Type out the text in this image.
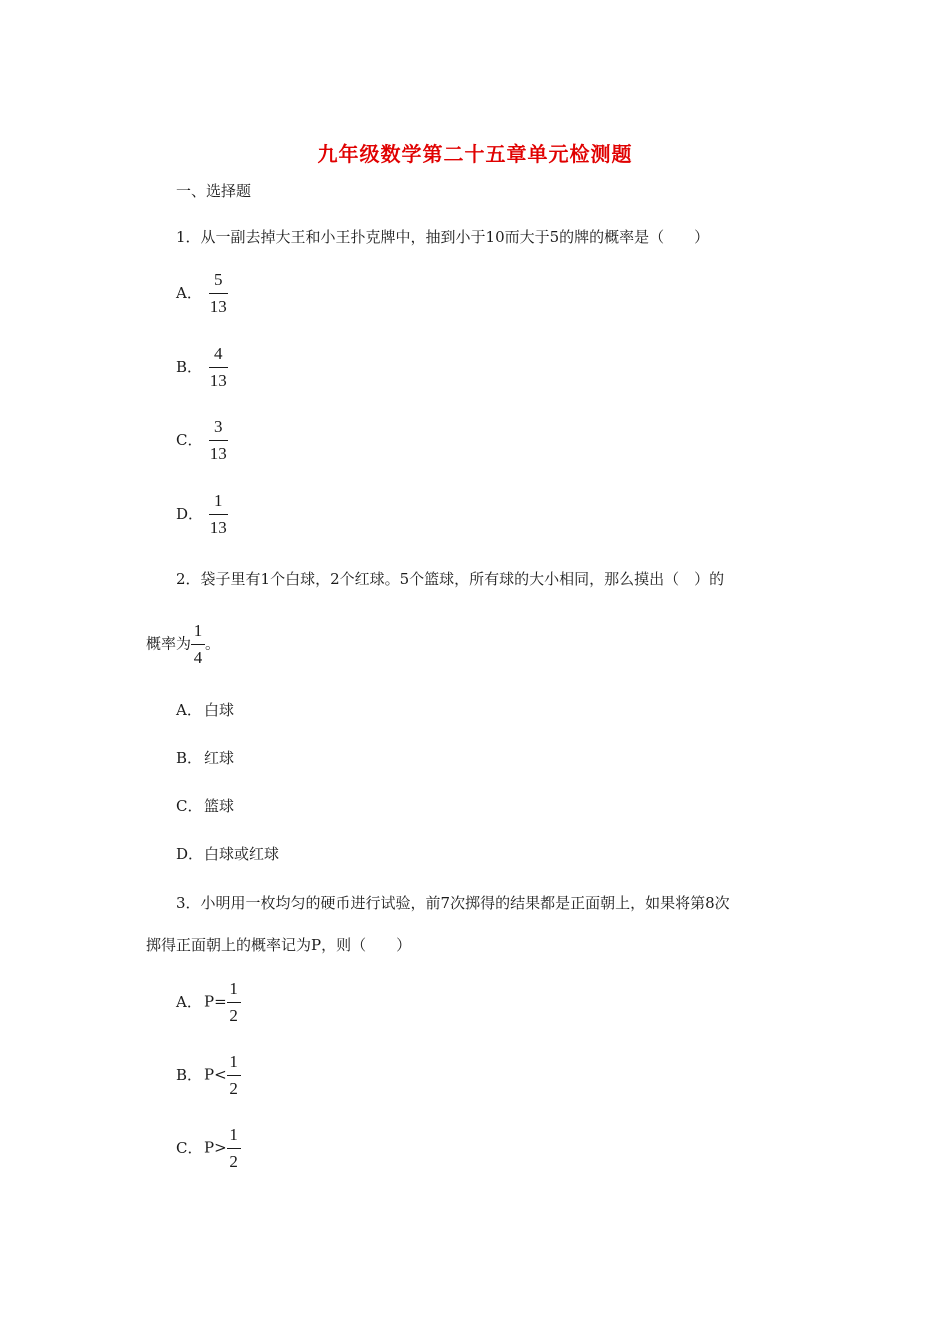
九年级数学第二十五章单元检测题
一、选择题
1．从一副去掉大王和小王扑克牌中，抽到小于10而大于5的牌的概率是（　　）
A． $\frac{5}{13}$
B． $\frac{4}{13}$
C． $\frac{3}{13}$
D． $\frac{1}{13}$
2．袋子里有1个白球，2个红球。5个篮球，所有球的大小相同，那么摸出（　）的
概率为 $\frac{1}{4}$ 。
A． 白球
B． 红球
C． 篮球
D．白球或红球
3．小明用一枚均匀的硬币进行试验，前7次掷得的结果都是正面朝上，如果将第8次
掷得正面朝上的概率记为P，则（　　）
A． $P= \frac{1}{2}$
B． $P< \frac{1}{2}$
C． $P> \frac{1}{2}$
